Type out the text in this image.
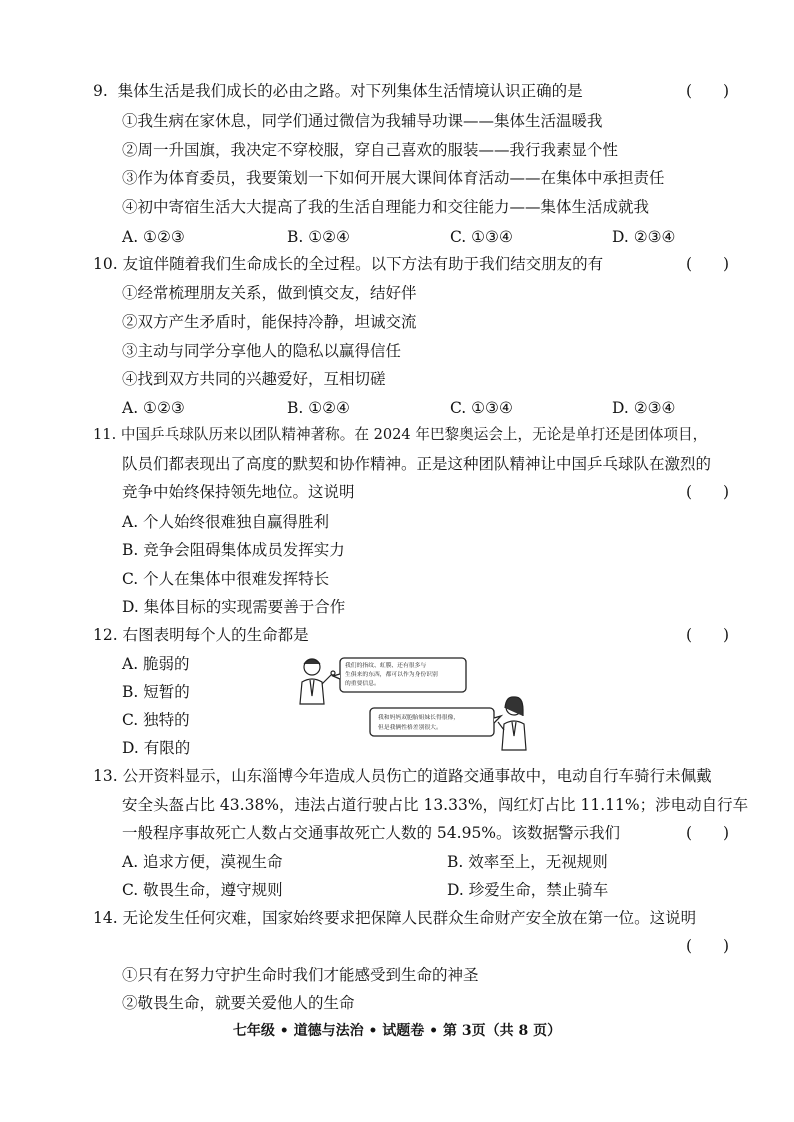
9.  集体生活是我们成长的必由之路。对下列集体生活情境认识正确的是	(　　)
①我生病在家休息，同学们通过微信为我辅导功课——集体生活温暖我
②周一升国旗，我决定不穿校服，穿自己喜欢的服装——我行我素显个性
③作为体育委员，我要策划一下如何开展大课间体育活动——在集体中承担责任
④初中寄宿生活大大提高了我的生活自理能力和交往能力——集体生活成就我
A. ①②③	B. ①②④	C. ①③④	D. ②③④
10. 友谊伴随着我们生命成长的全过程。以下方法有助于我们结交朋友的有	(　　)
①经常梳理朋友关系，做到慎交友，结好伴
②双方产生矛盾时，能保持冷静，坦诚交流
③主动与同学分享他人的隐私以赢得信任
④找到双方共同的兴趣爱好，互相切磋
A. ①②③	B. ①②④	C. ①③④	D. ②③④
11. 中国乒乓球队历来以团队精神著称。在 2024 年巴黎奥运会上，无论是单打还是团体项目，
队员们都表现出了高度的默契和协作精神。正是这种团队精神让中国乒乓球队在激烈的
竞争中始终保持领先地位。这说明	(　　)
A. 个人始终很难独自赢得胜利
B. 竞争会阻碍集体成员发挥实力
C. 个人在集体中很难发挥特长
D. 集体目标的实现需要善于合作
12. 右图表明每个人的生命都是	(　　)
A. 脆弱的
B. 短暂的
C. 独特的
D. 有限的
我们的指纹、虹膜、还有很多与 生俱来的东西，都可以作为身份识别 的重要信息。
我和妈妈双胞胎姐妹长得很像， 但是我俩性格差别很大。
13. 公开资料显示，山东淄博今年造成人员伤亡的道路交通事故中，电动自行车骑行未佩戴
安全头盔占比 43.38%，违法占道行驶占比 13.33%，闯红灯占比 11.11%；涉电动自行车
一般程序事故死亡人数占交通事故死亡人数的 54.95%。该数据警示我们	(　　)
A. 追求方便，漠视生命	B. 效率至上，无视规则
C. 敬畏生命，遵守规则	D. 珍爱生命，禁止骑车
14. 无论发生任何灾难，国家始终要求把保障人民群众生命财产安全放在第一位。这说明
(　　)
①只有在努力守护生命时我们才能感受到生命的神圣
②敬畏生命，就要关爱他人的生命
七年级 • 道德与法治 • 试题卷 • 第 3页（共 8 页）
